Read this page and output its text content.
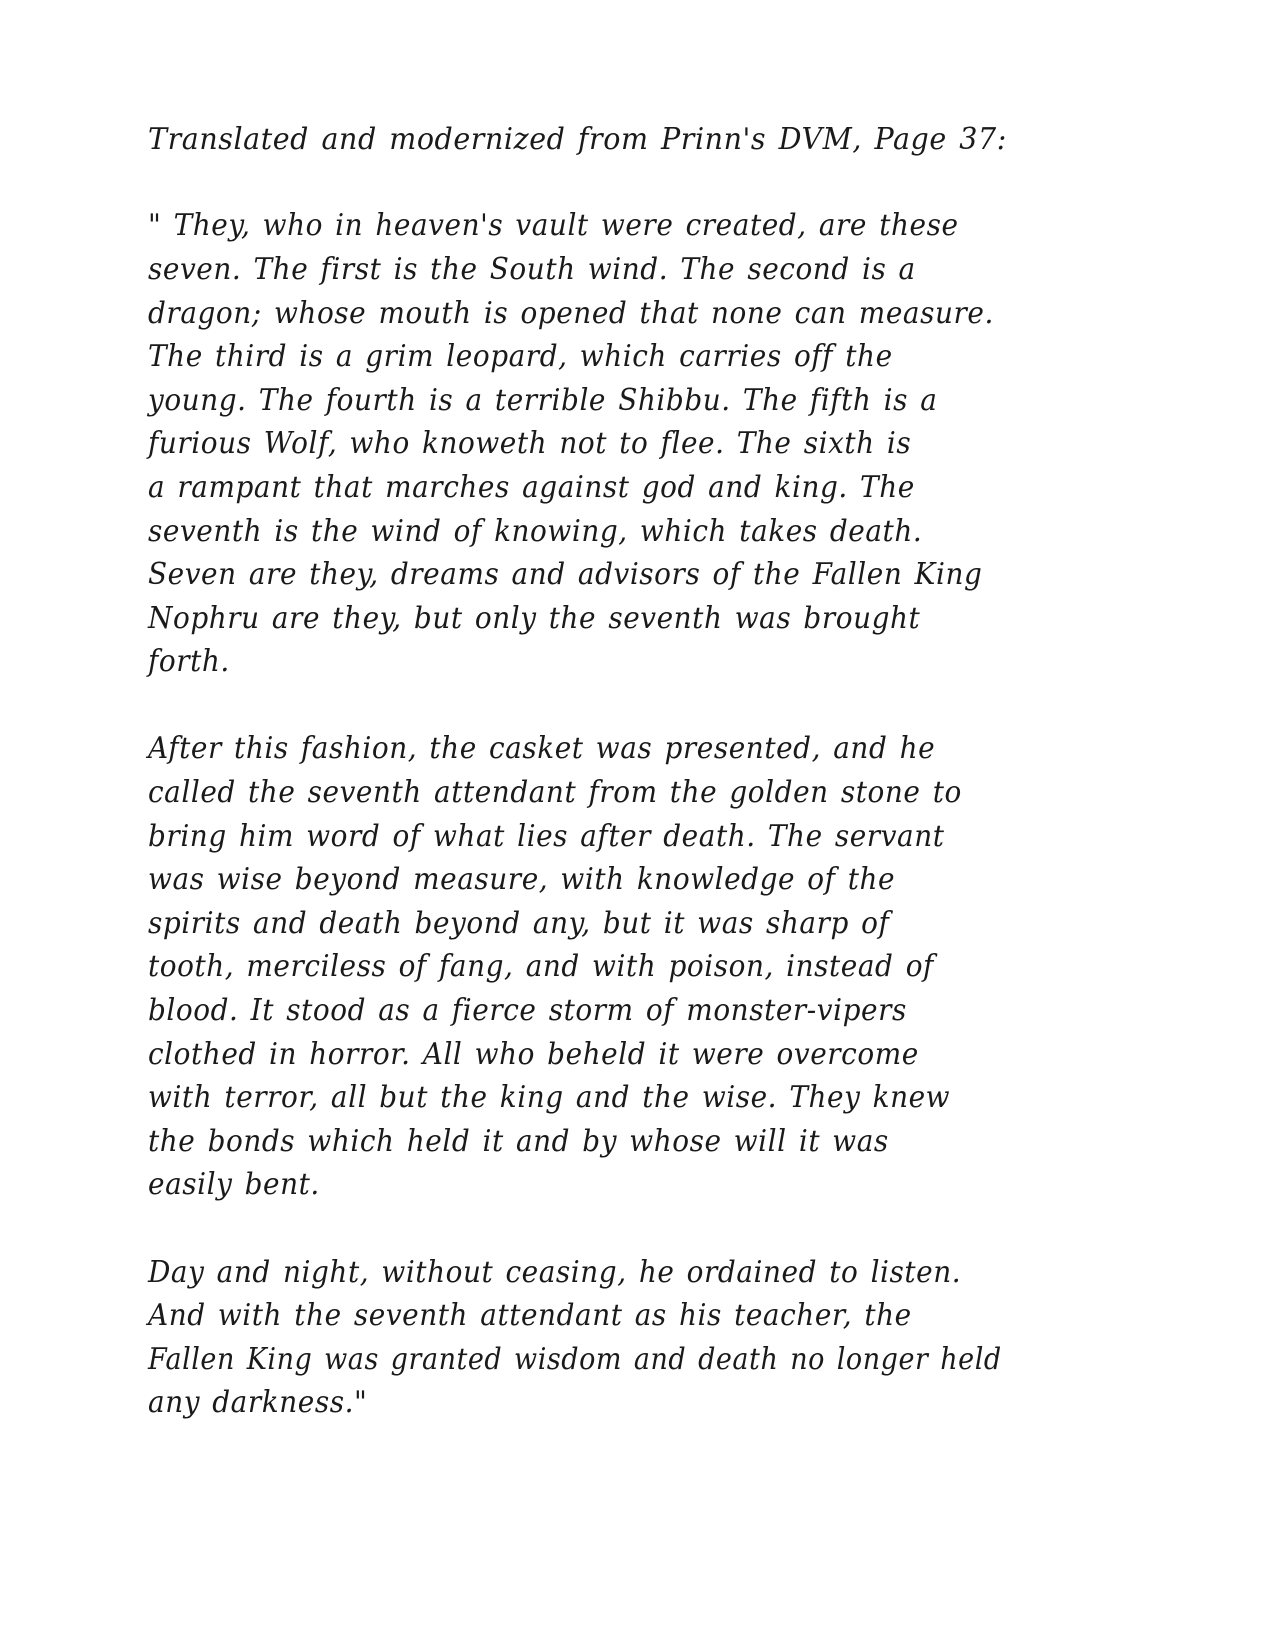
Translated and modernized from Prinn's DVM, Page 37:
" They, who in heaven's vault were created, are these
seven. The first is the South wind. The second is a
dragon; whose mouth is opened that none can measure.
The third is a grim leopard, which carries off the
young. The fourth is a terrible Shibbu. The fifth is a
furious Wolf, who knoweth not to flee. The sixth is
a rampant that marches against god and king. The
seventh is the wind of knowing, which takes death.
Seven are they, dreams and advisors of the Fallen King
Nophru are they, but only the seventh was brought
forth.
After this fashion, the casket was presented, and he
called the seventh attendant from the golden stone to
bring him word of what lies after death. The servant
was wise beyond measure, with knowledge of the
spirits and death beyond any, but it was sharp of
tooth, merciless of fang, and with poison, instead of
blood. It stood as a fierce storm of monster-vipers
clothed in horror. All who beheld it were overcome
with terror, all but the king and the wise. They knew
the bonds which held it and by whose will it was
easily bent.
Day and night, without ceasing, he ordained to listen.
And with the seventh attendant as his teacher, the
Fallen King was granted wisdom and death no longer held
any darkness."
